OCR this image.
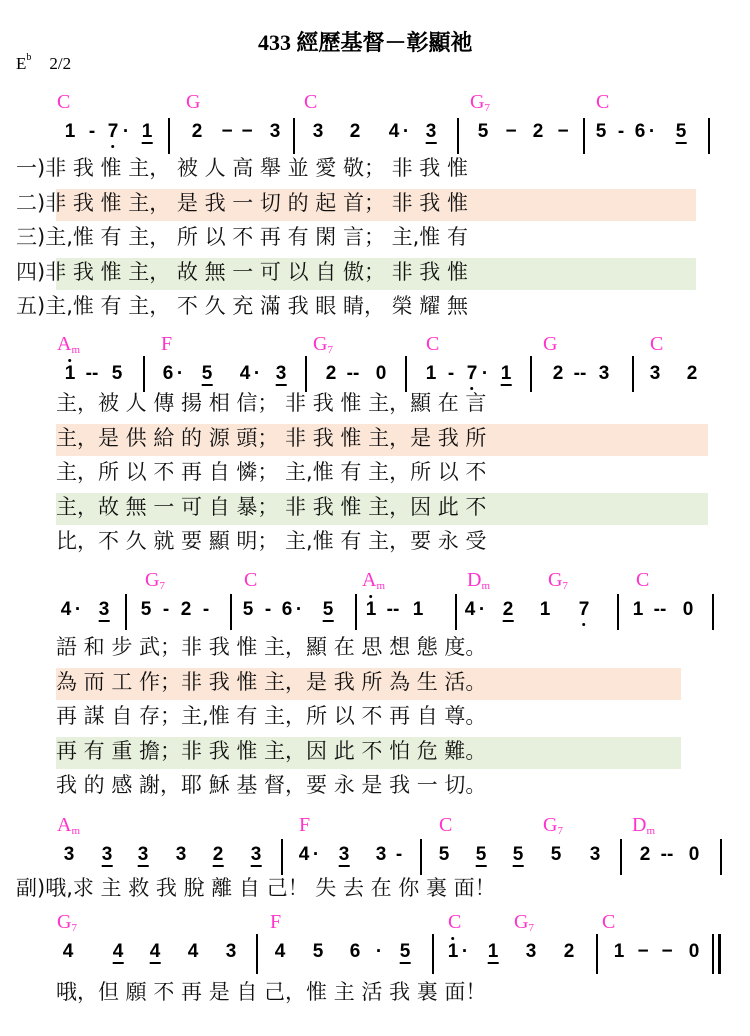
433 經歷基督－彰顯祂
$E^b$ 2/2
C	G	C	$G_7$	C
1 - 7 · 1 2 − − 3 3 2 4 · 3 5 − 2 − 5 - 6 · 5
一)非 我 惟 主， 被 人 高 舉 並 愛 敬； 非 我 惟
二)非 我 惟 主， 是 我 一 切 的 起 首； 非 我 惟
三)主,惟 有 主， 所 以 不 再 有 閑 言； 主,惟 有
四)非 我 惟 主， 故 無 一 可 以 自 傲； 非 我 惟
五)主,惟 有 主， 不 久 充 滿 我 眼 睛， 榮 耀 無
$A_m$	F	$G_7$	C	G	C
1 -- 5 6 · 5 4 · 3 2 -- 0 1 - 7 · 1 2 -- 3 3 2
主，被 人 傳 揚 相 信； 非 我 惟 主，顯 在 言
主，是 供 給 的 源 頭； 非 我 惟 主，是 我 所
主，所 以 不 再 自 憐； 主,惟 有 主，所 以 不
主，故 無 一 可 自 暴； 非 我 惟 主，因 此 不
比，不 久 就 要 顯 明； 主,惟 有 主，要 永 受
$G_7$	C	$A_m$	$D_m$	$G_7$	C
4 · 3 5 - 2 - 5 - 6 · 5 1 -- 1 4 · 2 1 7 1 -- 0
語 和 步 武；非 我 惟 主，顯 在 思 想 態 度。
為 而 工 作；非 我 惟 主，是 我 所 為 生 活。
再 謀 自 存；主,惟 有 主，所 以 不 再 自 尊。
再 有 重 擔；非 我 惟 主，因 此 不 怕 危 難。
我 的 感 謝，耶 穌 基 督，要 永 是 我 一 切。
$A_m$	F	C	$G_7$	$D_m$
3 3 3 3 2 3 4 · 3 3 - 5 5 5 5 3 2 -- 0
副)哦,求 主 救 我 脫 離 自 己！ 失 去 在 你 裏 面！
$G_7$	F	C	$G_7$	C
4 4 4 4 3 4 5 6 · 5 1 · 1 3 2 1 − − 0
哦，但 願 不 再 是 自 己，惟 主 活 我 裏 面！
